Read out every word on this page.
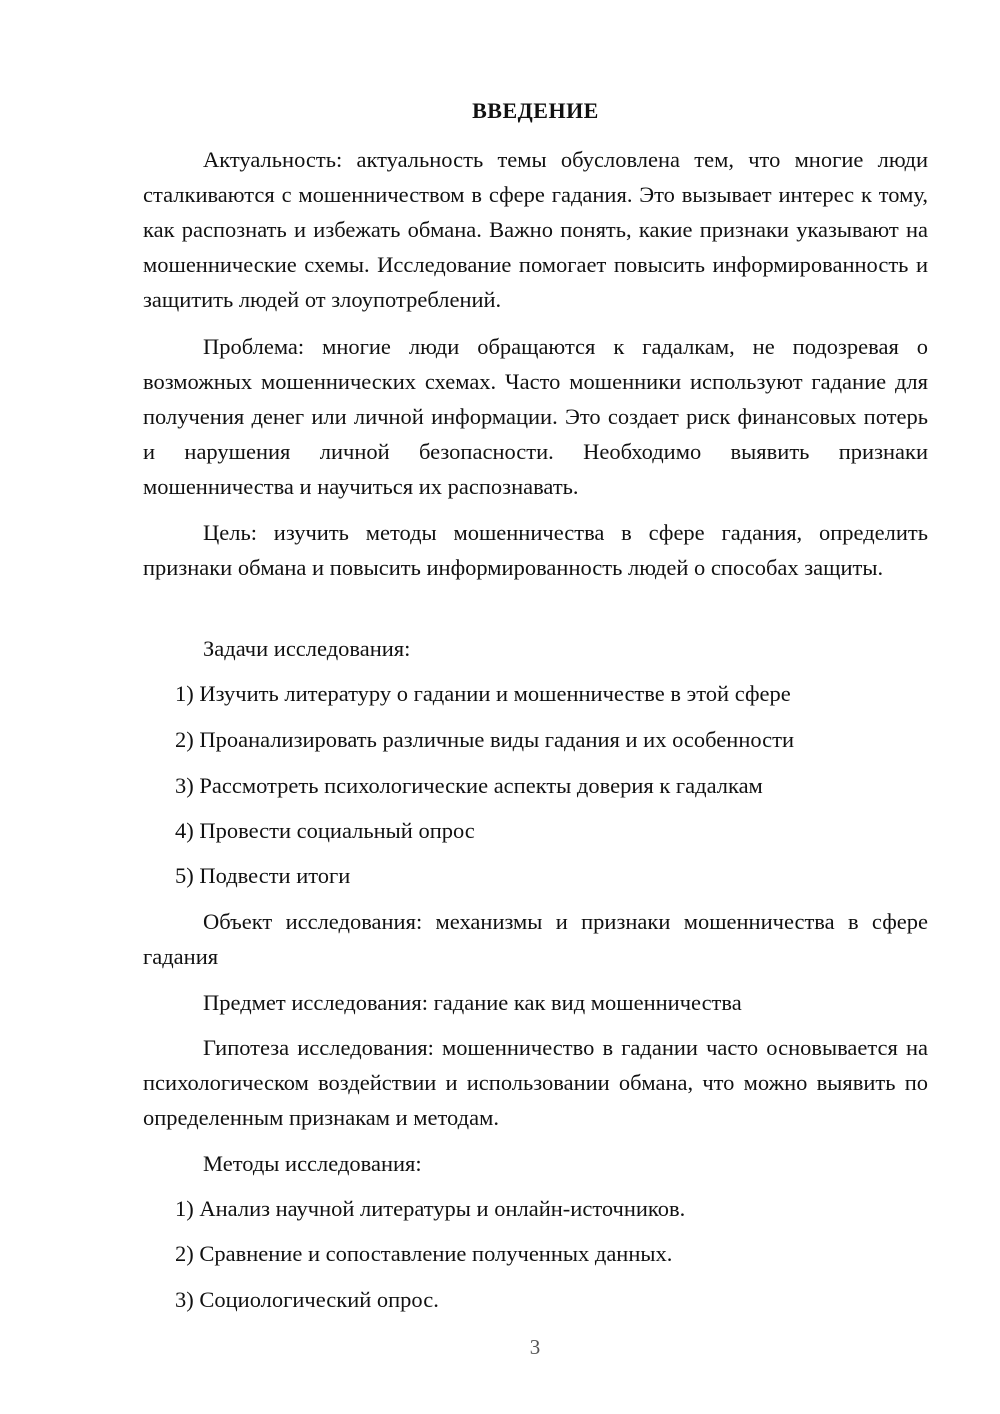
ВВЕДЕНИЕ

Актуальность: актуальность темы обусловлена тем, что многие люди сталкиваются с мошенничеством в сфере гадания. Это вызывает интерес к тому, как распознать и избежать обмана. Важно понять, какие признаки указывают на мошеннические схемы. Исследование помогает повысить информированность и защитить людей от злоупотреблений.

Проблема: многие люди обращаются к гадалкам, не подозревая о возможных мошеннических схемах. Часто мошенники используют гадание для получения денег или личной информации. Это создает риск финансовых потерь и нарушения личной безопасности. Необходимо выявить признаки мошенничества и научиться их распознавать.

Цель: изучить методы мошенничества в сфере гадания, определить признаки обмана и повысить информированность людей о способах защиты.

Задачи исследования:

1) Изучить литературу о гадании и мошенничестве в этой сфере

2) Проанализировать различные виды гадания и их особенности

3) Рассмотреть психологические аспекты доверия к гадалкам

4) Провести социальный опрос

5) Подвести итоги

Объект исследования: механизмы и признаки мошенничества в сфере гадания

Предмет исследования: гадание как вид мошенничества

Гипотеза исследования: мошенничество в гадании часто основывается на психологическом воздействии и использовании обмана, что можно выявить по определенным признакам и методам.

Методы исследования:

1) Анализ научной литературы и онлайн-источников.

2) Сравнение и сопоставление полученных данных.

3) Социологический опрос.

3
